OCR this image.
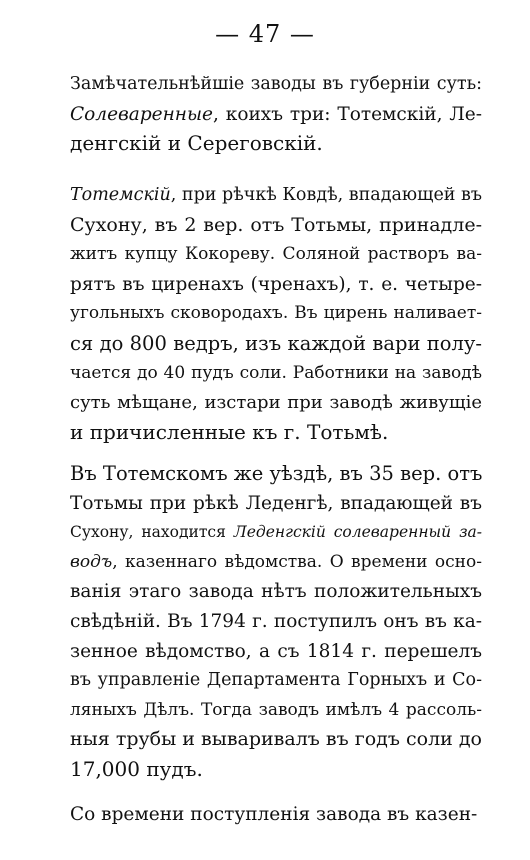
— 47 —
Замѣчательнѣйшіе заводы въ губерніи суть:
Солеваренные, коихъ три: Тотемскій, Ле-
денгскій и Сереговскій.
Тотемскій, при рѣчкѣ Ковдѣ, впадающей въ
Сухону, въ 2 вер. отъ Тотьмы, принадле-
житъ купцу Кокореву. Соляной растворъ ва-
рятъ въ циренахъ (чренахъ), т. е. четыре-
угольныхъ сковородахъ. Въ цирень наливает-
ся до 800 ведръ, изъ каждой вари полу-
чается до 40 пудъ соли. Работники на заводѣ
суть мѣщане, изстари при заводѣ живущіе
и причисленные къ г. Тотьмѣ.
Въ Тотемскомъ же уѣздѣ, въ 35 вер. отъ
Тотьмы при рѣкѣ Леденгѣ, впадающей въ
Сухону, находится Леденгскій солеваренный за-
водъ, казеннаго вѣдомства. О времени осно-
ванія этаго завода нѣтъ положительныхъ
свѣдѣній. Въ 1794 г. поступилъ онъ въ ка-
зенное вѣдомство, а съ 1814 г. перешелъ
въ управленіе Департамента Горныхъ и Со-
ляныхъ Дѣлъ. Тогда заводъ имѣлъ 4 рассоль-
ныя трубы и вываривалъ въ годъ соли до
17,000 пудъ.
Со времени поступленія завода въ казен-
